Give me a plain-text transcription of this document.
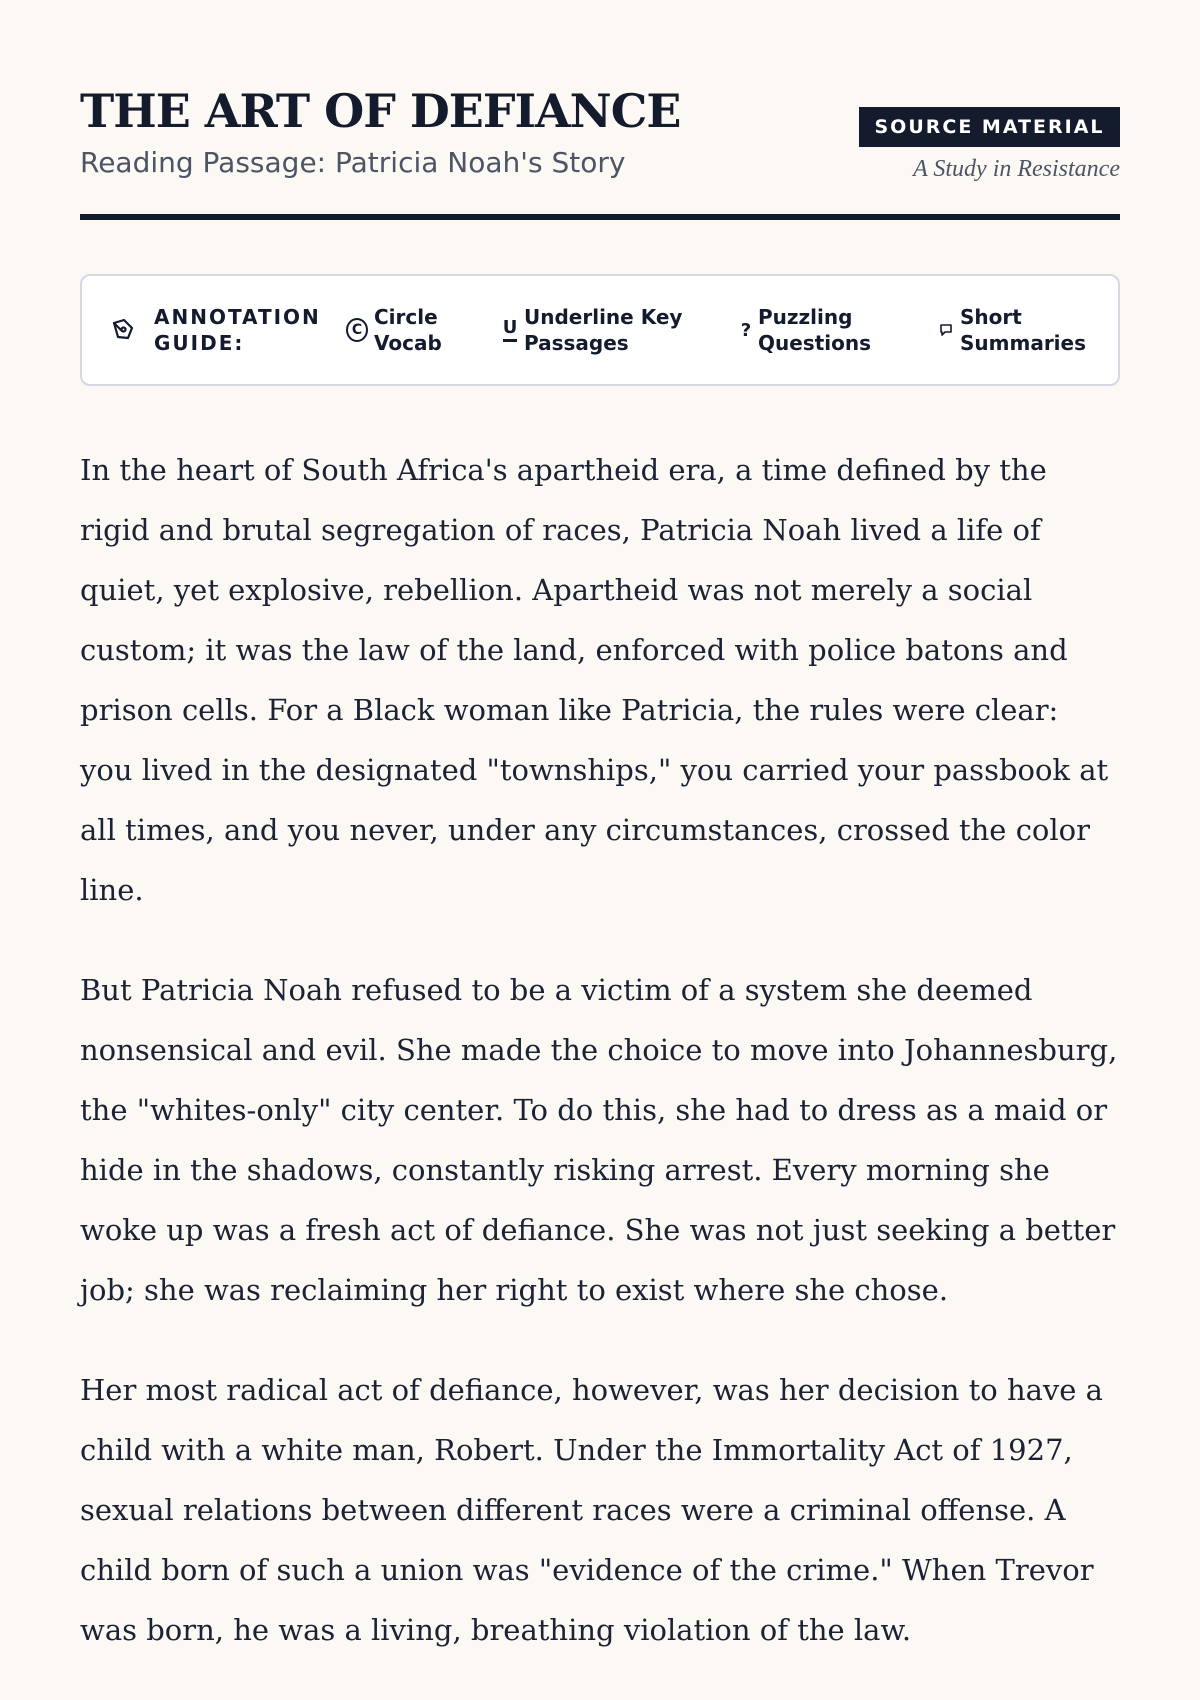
THE ART OF DEFIANCE
Reading Passage: Patricia Noah's Story
SOURCE MATERIAL
A Study in Resistance
ANNOTATION
GUIDE:
C
Circle
Vocab
U Underline Key
Passages
?
Puzzling
Questions
Short
Summaries

In the heart of South Africa's apartheid era, a time defined by the rigid and brutal segregation of races, Patricia Noah lived a life of quiet, yet explosive, rebellion. Apartheid was not merely a social custom; it was the law of the land, enforced with police batons and prison cells. For a Black woman like Patricia, the rules were clear: you lived in the designated "townships," you carried your passbook at all times, and you never, under any circumstances, crossed the color line.

But Patricia Noah refused to be a victim of a system she deemed nonsensical and evil. She made the choice to move into Johannesburg, the "whites-only" city center. To do this, she had to dress as a maid or hide in the shadows, constantly risking arrest. Every morning she woke up was a fresh act of defiance. She was not just seeking a better job; she was reclaiming her right to exist where she chose.

Her most radical act of defiance, however, was her decision to have a child with a white man, Robert. Under the Immortality Act of 1927, sexual relations between different races were a criminal offense. A child born of such a union was "evidence of the crime." When Trevor was born, he was a living, breathing violation of the law.
